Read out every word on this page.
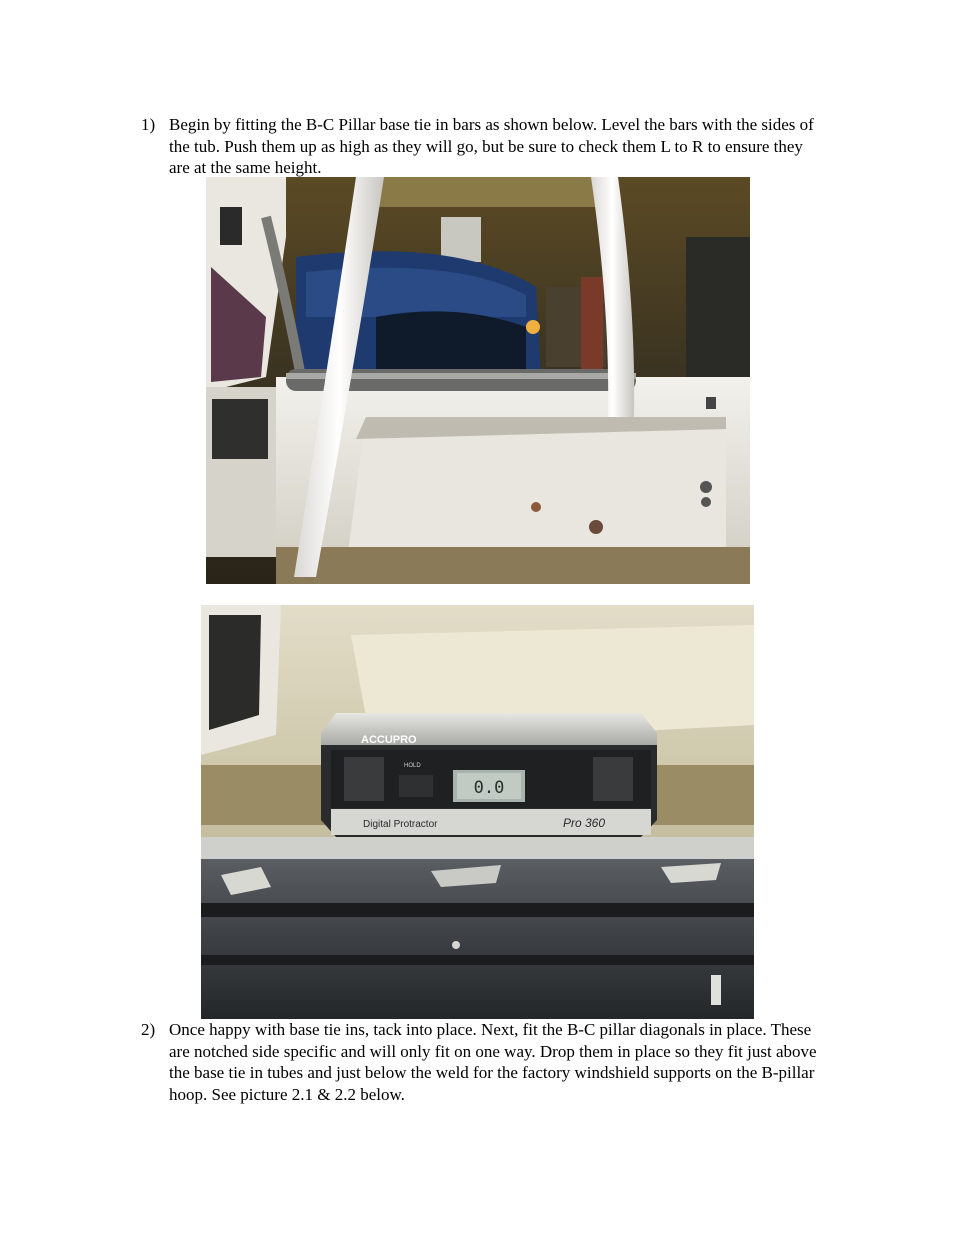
1) Begin by fitting the B-C Pillar base tie in bars as shown below. Level the bars with the sides of the tub. Push them up as high as they will go, but be sure to check them L to R to ensure they are at the same height.
ACCUPRO
HOLD
0.0
Digital Protractor	Pro 360
2) Once happy with base tie ins, tack into place. Next, fit the B-C pillar diagonals in place. These are notched side specific and will only fit on one way. Drop them in place so they fit just above the base tie in tubes and just below the weld for the factory windshield supports on the B-pillar hoop. See picture 2.1 & 2.2 below.
